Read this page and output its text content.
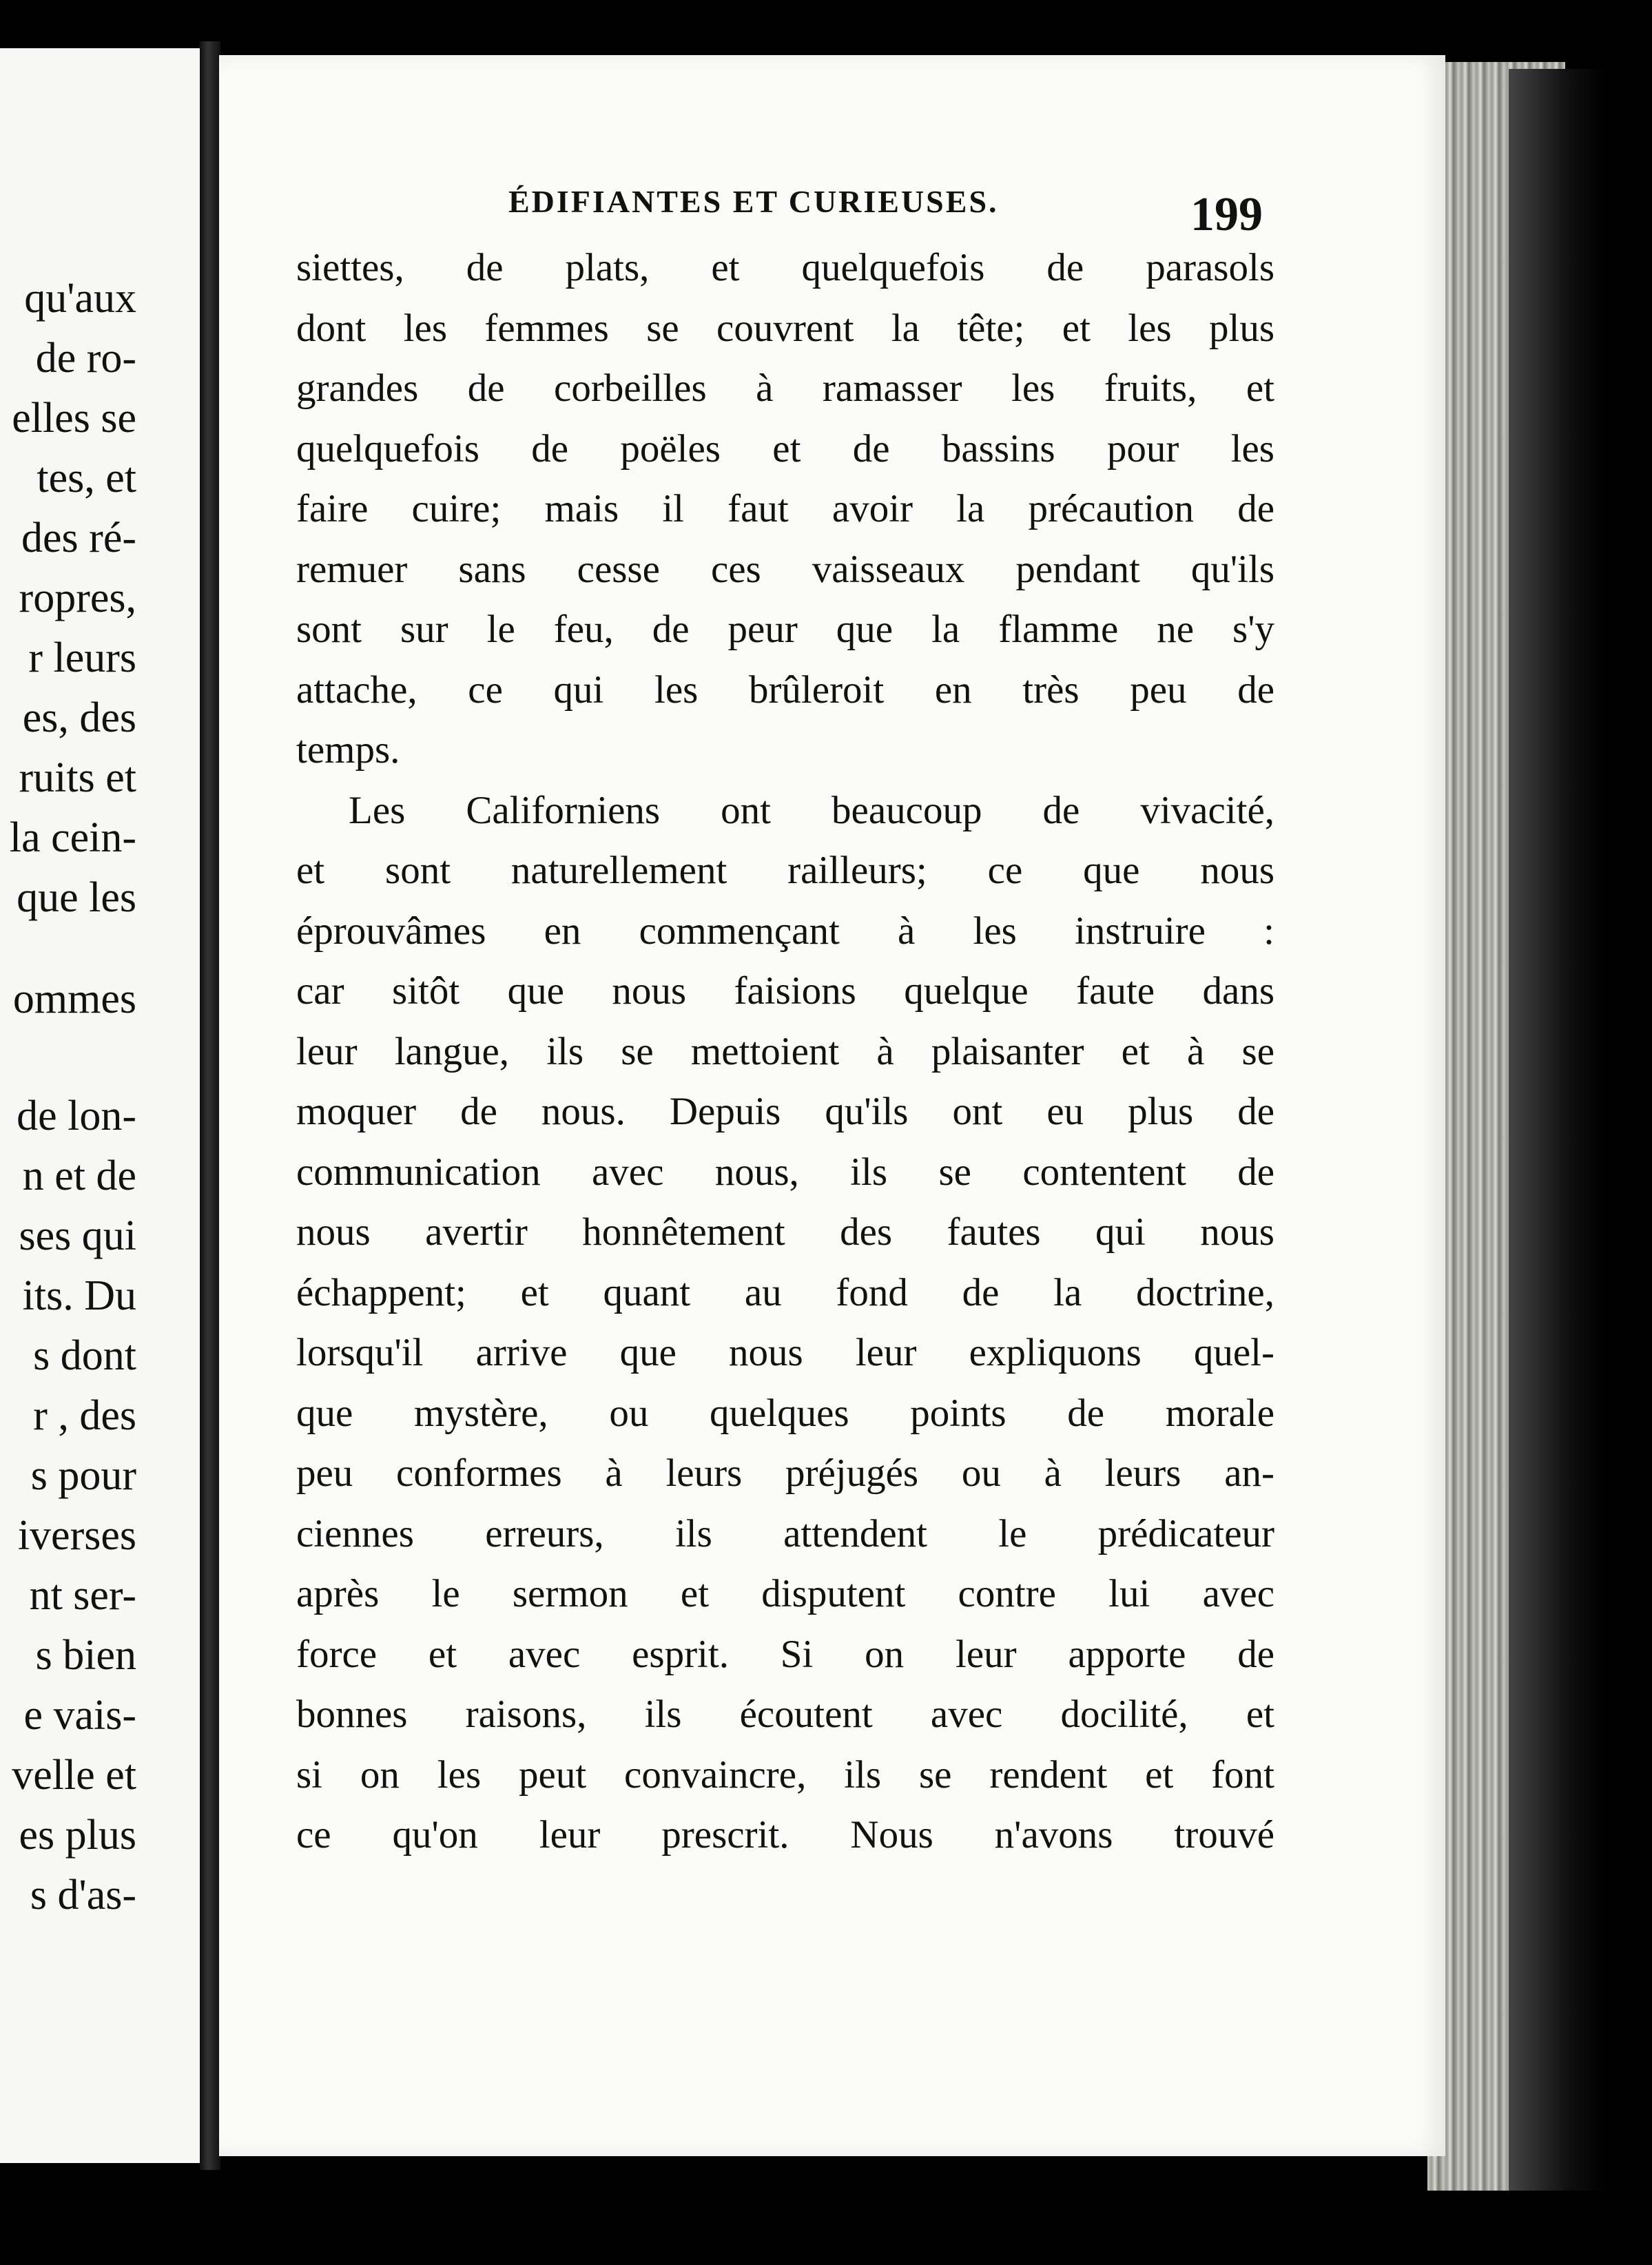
qu'aux
de ro-
elles se
tes, et
des ré-
ropres,
r leurs
es, des
ruits et
la cein-
que les
ommes
de lon-
n et de
ses qui
its. Du
s dont
r , des
s pour
iverses
nt ser-
s bien
e vais-
velle et
es plus
s d'as-
ÉDIFIANTES ET CURIEUSES.	199

siettes, de plats, et quelquefois de parasols
dont les femmes se couvrent la tête; et les plus
grandes de corbeilles à ramasser les fruits, et
quelquefois de poëles et de bassins pour les
faire cuire; mais il faut avoir la précaution de
remuer sans cesse ces vaisseaux pendant qu'ils
sont sur le feu, de peur que la flamme ne s'y
attache, ce qui les brûleroit en très peu de
temps.

Les Californiens ont beaucoup de vivacité,
et sont naturellement railleurs; ce que nous
éprouvâmes en commençant à les instruire :
car sitôt que nous faisions quelque faute dans
leur langue, ils se mettoient à plaisanter et à se
moquer de nous. Depuis qu'ils ont eu plus de
communication avec nous, ils se contentent de
nous avertir honnêtement des fautes qui nous
échappent; et quant au fond de la doctrine,
lorsqu'il arrive que nous leur expliquons quel-
que mystère, ou quelques points de morale
peu conformes à leurs préjugés ou à leurs an-
ciennes erreurs, ils attendent le prédicateur
après le sermon et disputent contre lui avec
force et avec esprit. Si on leur apporte de
bonnes raisons, ils écoutent avec docilité, et
si on les peut convaincre, ils se rendent et font
ce qu'on leur prescrit. Nous n'avons trouvé
